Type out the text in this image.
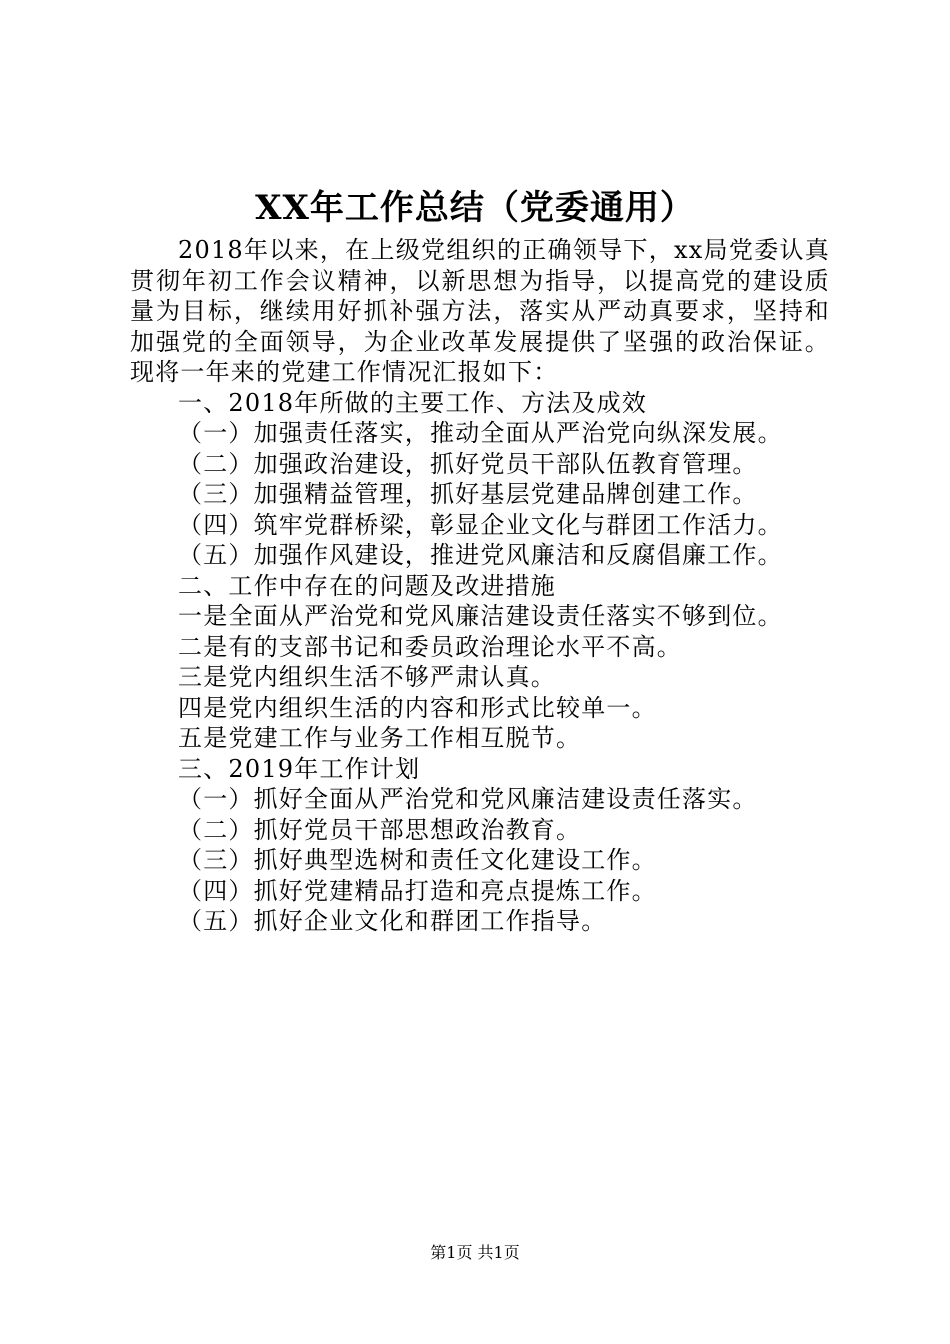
XX年工作总结（党委通用）

2018年以来，在上级党组织的正确领导下，xx局党委认真贯彻年初工作会议精神，以新思想为指导，以提高党的建设质量为目标，继续用好抓补强方法，落实从严动真要求，坚持和加强党的全面领导，为企业改革发展提供了坚强的政治保证。现将一年来的党建工作情况汇报如下：

一、2018年所做的主要工作、方法及成效

（一）加强责任落实，推动全面从严治党向纵深发展。

（二）加强政治建设，抓好党员干部队伍教育管理。

（三）加强精益管理，抓好基层党建品牌创建工作。

（四）筑牢党群桥梁，彰显企业文化与群团工作活力。

（五）加强作风建设，推进党风廉洁和反腐倡廉工作。

二、工作中存在的问题及改进措施

一是全面从严治党和党风廉洁建设责任落实不够到位。

二是有的支部书记和委员政治理论水平不高。

三是党内组织生活不够严肃认真。

四是党内组织生活的内容和形式比较单一。

五是党建工作与业务工作相互脱节。

三、2019年工作计划

（一）抓好全面从严治党和党风廉洁建设责任落实。

（二）抓好党员干部思想政治教育。

（三）抓好典型选树和责任文化建设工作。

（四）抓好党建精品打造和亮点提炼工作。

（五）抓好企业文化和群团工作指导。

第1页 共1页
